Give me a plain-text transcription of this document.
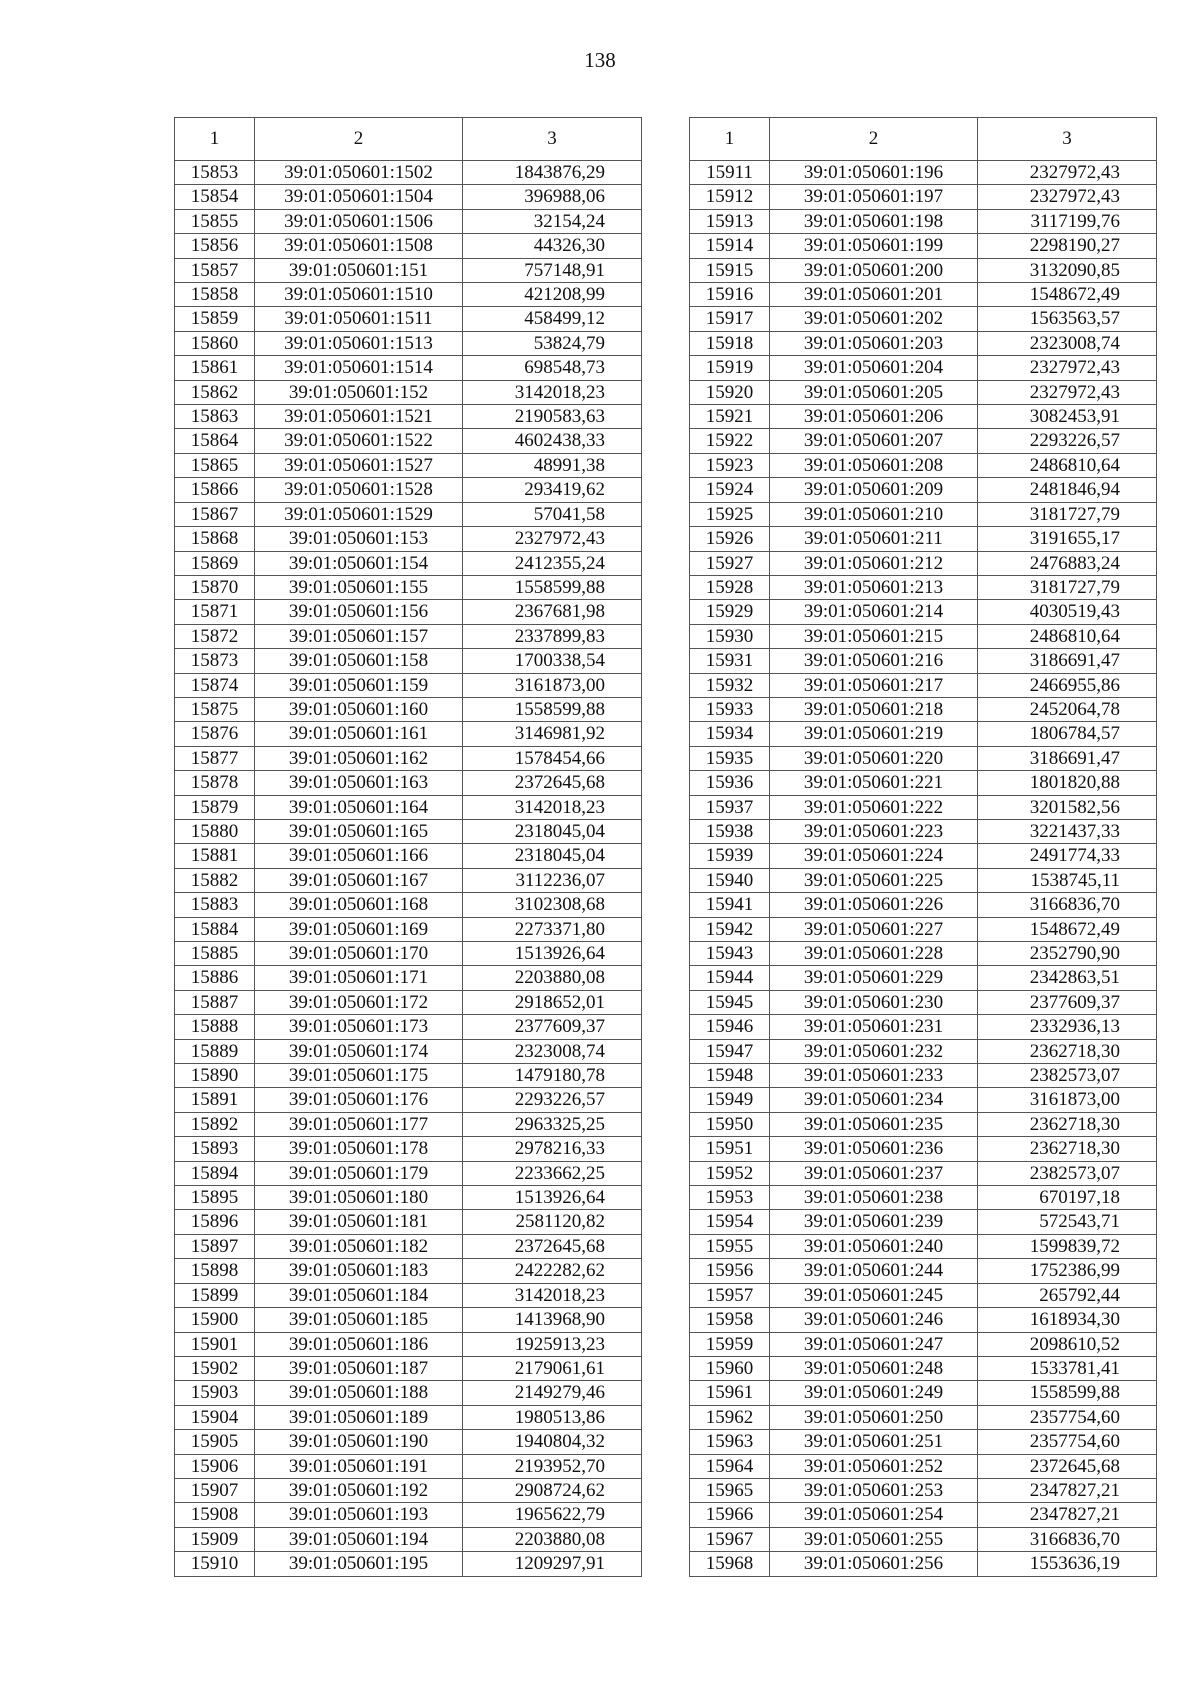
138
1	2	3
15853	39:01:050601:1502	1843876,29
15854	39:01:050601:1504	396988,06
15855	39:01:050601:1506	32154,24
15856	39:01:050601:1508	44326,30
15857	39:01:050601:151	757148,91
15858	39:01:050601:1510	421208,99
15859	39:01:050601:1511	458499,12
15860	39:01:050601:1513	53824,79
15861	39:01:050601:1514	698548,73
15862	39:01:050601:152	3142018,23
15863	39:01:050601:1521	2190583,63
15864	39:01:050601:1522	4602438,33
15865	39:01:050601:1527	48991,38
15866	39:01:050601:1528	293419,62
15867	39:01:050601:1529	57041,58
15868	39:01:050601:153	2327972,43
15869	39:01:050601:154	2412355,24
15870	39:01:050601:155	1558599,88
15871	39:01:050601:156	2367681,98
15872	39:01:050601:157	2337899,83
15873	39:01:050601:158	1700338,54
15874	39:01:050601:159	3161873,00
15875	39:01:050601:160	1558599,88
15876	39:01:050601:161	3146981,92
15877	39:01:050601:162	1578454,66
15878	39:01:050601:163	2372645,68
15879	39:01:050601:164	3142018,23
15880	39:01:050601:165	2318045,04
15881	39:01:050601:166	2318045,04
15882	39:01:050601:167	3112236,07
15883	39:01:050601:168	3102308,68
15884	39:01:050601:169	2273371,80
15885	39:01:050601:170	1513926,64
15886	39:01:050601:171	2203880,08
15887	39:01:050601:172	2918652,01
15888	39:01:050601:173	2377609,37
15889	39:01:050601:174	2323008,74
15890	39:01:050601:175	1479180,78
15891	39:01:050601:176	2293226,57
15892	39:01:050601:177	2963325,25
15893	39:01:050601:178	2978216,33
15894	39:01:050601:179	2233662,25
15895	39:01:050601:180	1513926,64
15896	39:01:050601:181	2581120,82
15897	39:01:050601:182	2372645,68
15898	39:01:050601:183	2422282,62
15899	39:01:050601:184	3142018,23
15900	39:01:050601:185	1413968,90
15901	39:01:050601:186	1925913,23
15902	39:01:050601:187	2179061,61
15903	39:01:050601:188	2149279,46
15904	39:01:050601:189	1980513,86
15905	39:01:050601:190	1940804,32
15906	39:01:050601:191	2193952,70
15907	39:01:050601:192	2908724,62
15908	39:01:050601:193	1965622,79
15909	39:01:050601:194	2203880,08
15910	39:01:050601:195	1209297,91
1	2	3
15911	39:01:050601:196	2327972,43
15912	39:01:050601:197	2327972,43
15913	39:01:050601:198	3117199,76
15914	39:01:050601:199	2298190,27
15915	39:01:050601:200	3132090,85
15916	39:01:050601:201	1548672,49
15917	39:01:050601:202	1563563,57
15918	39:01:050601:203	2323008,74
15919	39:01:050601:204	2327972,43
15920	39:01:050601:205	2327972,43
15921	39:01:050601:206	3082453,91
15922	39:01:050601:207	2293226,57
15923	39:01:050601:208	2486810,64
15924	39:01:050601:209	2481846,94
15925	39:01:050601:210	3181727,79
15926	39:01:050601:211	3191655,17
15927	39:01:050601:212	2476883,24
15928	39:01:050601:213	3181727,79
15929	39:01:050601:214	4030519,43
15930	39:01:050601:215	2486810,64
15931	39:01:050601:216	3186691,47
15932	39:01:050601:217	2466955,86
15933	39:01:050601:218	2452064,78
15934	39:01:050601:219	1806784,57
15935	39:01:050601:220	3186691,47
15936	39:01:050601:221	1801820,88
15937	39:01:050601:222	3201582,56
15938	39:01:050601:223	3221437,33
15939	39:01:050601:224	2491774,33
15940	39:01:050601:225	1538745,11
15941	39:01:050601:226	3166836,70
15942	39:01:050601:227	1548672,49
15943	39:01:050601:228	2352790,90
15944	39:01:050601:229	2342863,51
15945	39:01:050601:230	2377609,37
15946	39:01:050601:231	2332936,13
15947	39:01:050601:232	2362718,30
15948	39:01:050601:233	2382573,07
15949	39:01:050601:234	3161873,00
15950	39:01:050601:235	2362718,30
15951	39:01:050601:236	2362718,30
15952	39:01:050601:237	2382573,07
15953	39:01:050601:238	670197,18
15954	39:01:050601:239	572543,71
15955	39:01:050601:240	1599839,72
15956	39:01:050601:244	1752386,99
15957	39:01:050601:245	265792,44
15958	39:01:050601:246	1618934,30
15959	39:01:050601:247	2098610,52
15960	39:01:050601:248	1533781,41
15961	39:01:050601:249	1558599,88
15962	39:01:050601:250	2357754,60
15963	39:01:050601:251	2357754,60
15964	39:01:050601:252	2372645,68
15965	39:01:050601:253	2347827,21
15966	39:01:050601:254	2347827,21
15967	39:01:050601:255	3166836,70
15968	39:01:050601:256	1553636,19
